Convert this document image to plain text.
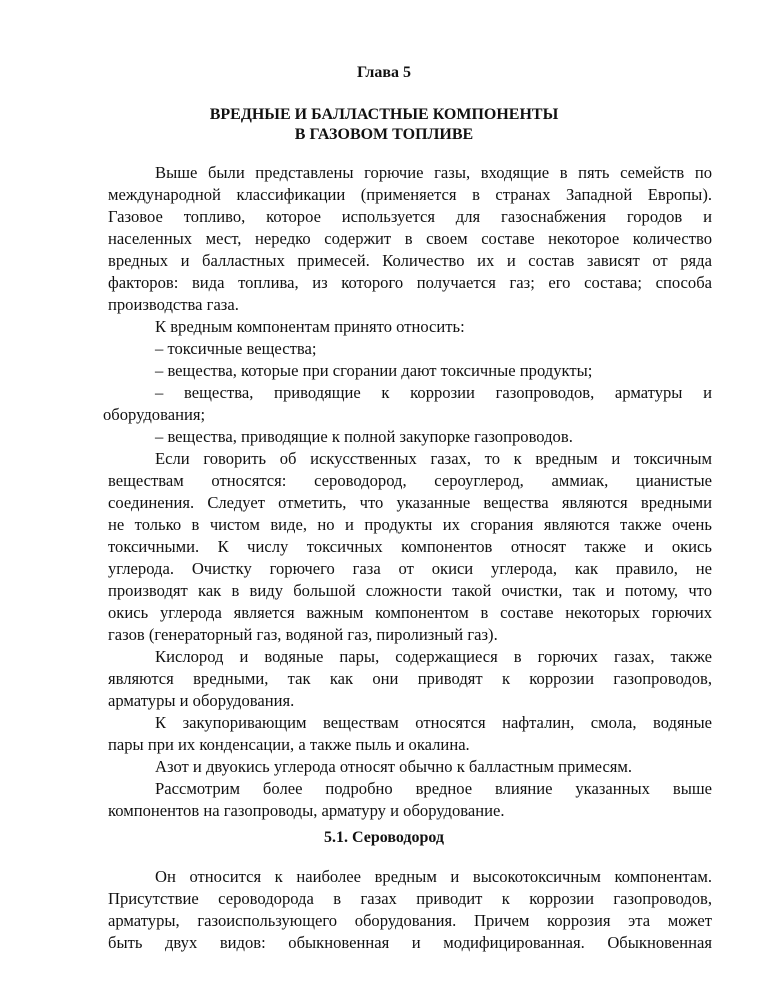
Глава 5
ВРЕДНЫЕ И БАЛЛАСТНЫЕ КОМПОНЕНТЫ
В ГАЗОВОМ ТОПЛИВЕ
Выше были представлены горючие газы, входящие в пять семейств по
международной классификации (применяется в странах Западной Европы).
Газовое топливо, которое используется для газоснабжения городов и
населенных мест, нередко содержит в своем составе некоторое количество
вредных и балластных примесей. Количество их и состав зависят от ряда
факторов: вида топлива, из которого получается газ; его состава; способа
производства газа.
К вредным компонентам принято относить:
– токсичные вещества;
– вещества, которые при сгорании дают токсичные продукты;
– вещества, приводящие к коррозии газопроводов, арматуры и
оборудования;
– вещества, приводящие к полной закупорке газопроводов.
Если говорить об искусственных газах, то к вредным и токсичным
веществам относятся: сероводород, сероуглерод, аммиак, цианистые
соединения. Следует отметить, что указанные вещества являются вредными
не только в чистом виде, но и продукты их сгорания являются также очень
токсичными. К числу токсичных компонентов относят также и окись
углерода. Очистку горючего газа от окиси углерода, как правило, не
производят как в виду большой сложности такой очистки, так и потому, что
окись углерода является важным компонентом в составе некоторых горючих
газов (генераторный газ, водяной газ, пиролизный газ).
Кислород и водяные пары, содержащиеся в горючих газах, также
являются вредными, так как они приводят к коррозии газопроводов,
арматуры и оборудования.
К закупоривающим веществам относятся нафталин, смола, водяные
пары при их конденсации, а также пыль и окалина.
Азот и двуокись углерода относят обычно к балластным примесям.
Рассмотрим более подробно вредное влияние указанных выше
5.1. Сероводород
Он относится к наиболее вредным и высокотоксичным компонентам.
Присутствие сероводорода в газах приводит к коррозии газопроводов,
арматуры, газоиспользующего оборудования. Причем коррозия эта может
быть двух видов: обыкновенная и модифицированная. Обыкновенная
компонентов на газопроводы, арматуру и оборудование.
